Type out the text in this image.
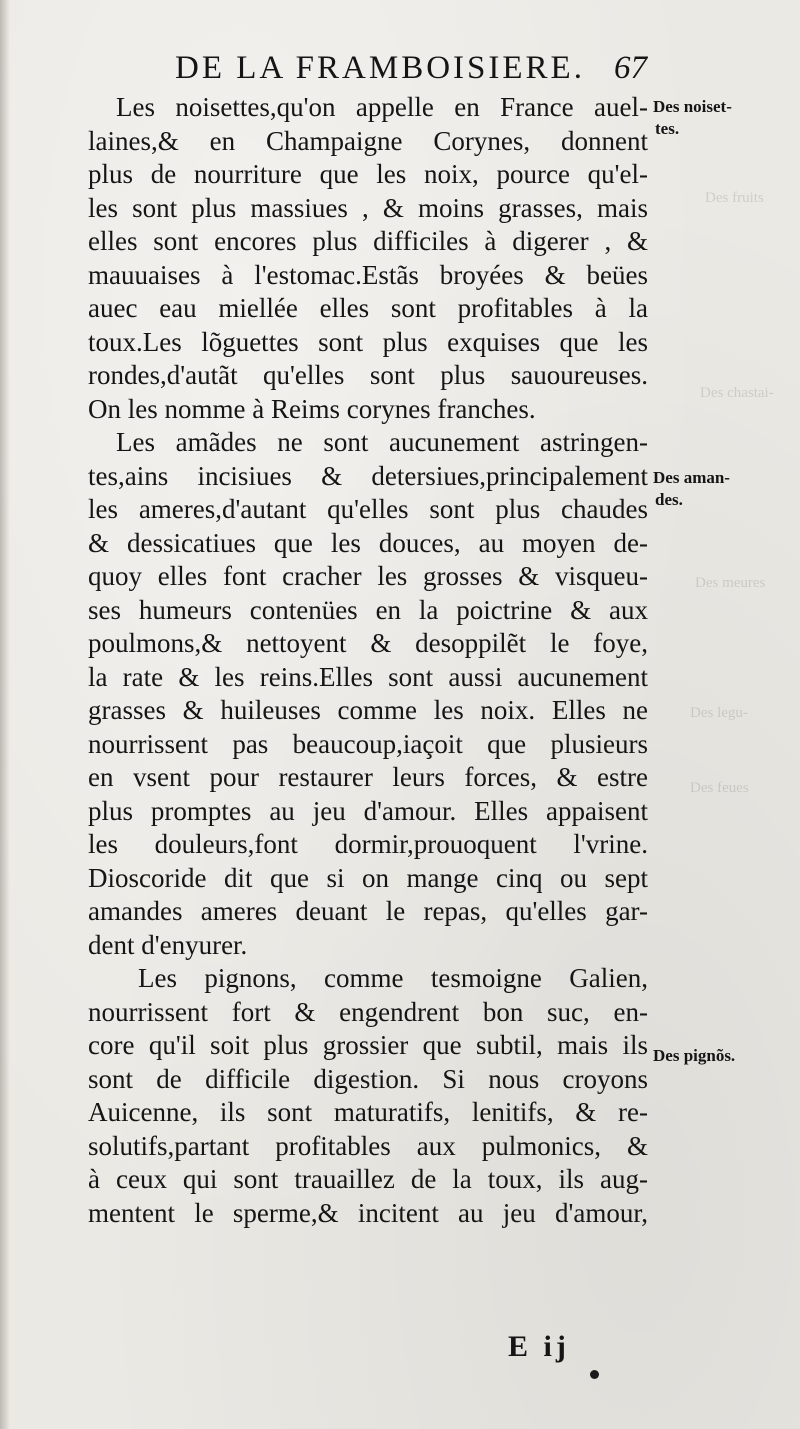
Des fruits
Des chastai-
Des meures
Des legu-
Des feues
DE LA FRAMBOISIERE. 67
Les noisettes,qu'on appelle en France auel-
laines,& en Champaigne Corynes, donnent
plus de nourriture que les noix, pource qu'el-
les sont plus massiues , & moins grasses, mais
elles sont encores plus difficiles à digerer , &
mauuaises à l'estomac.Estãs broyées & beües
auec eau miellée elles sont profitables à la
toux.Les lõguettes sont plus exquises que les
rondes,d'autãt qu'elles sont plus sauoureuses.
On les nomme à Reims corynes franches.
Les amãdes ne sont aucunement astringen-
tes,ains incisiues & detersiues,principalement
les ameres,d'autant qu'elles sont plus chaudes
& dessicatiues que les douces, au moyen de-
quoy elles font cracher les grosses & visqueu-
ses humeurs contenües en la poictrine & aux
poulmons,& nettoyent & desoppilẽt le foye,
la rate & les reins.Elles sont aussi aucunement
grasses & huileuses comme les noix. Elles ne
nourrissent pas beaucoup,iaçoit que plusieurs
en vsent pour restaurer leurs forces, & estre
plus promptes au jeu d'amour. Elles appaisent
les douleurs,font dormir,prouoquent l'vrine.
Dioscoride dit que si on mange cinq ou sept
amandes ameres deuant le repas, qu'elles gar-
dent d'enyurer.
Les pignons, comme tesmoigne Galien,
nourrissent fort & engendrent bon suc, en-
core qu'il soit plus grossier que subtil, mais ils
sont de difficile digestion. Si nous croyons
Auicenne, ils sont maturatifs, lenitifs, & re-
solutifs,partant profitables aux pulmonics, &
à ceux qui sont trauaillez de la toux, ils aug-
mentent le sperme,& incitent au jeu d'amour,
Des noiset-
tes.
Des aman-
des.
Des pignõs.
E ij
